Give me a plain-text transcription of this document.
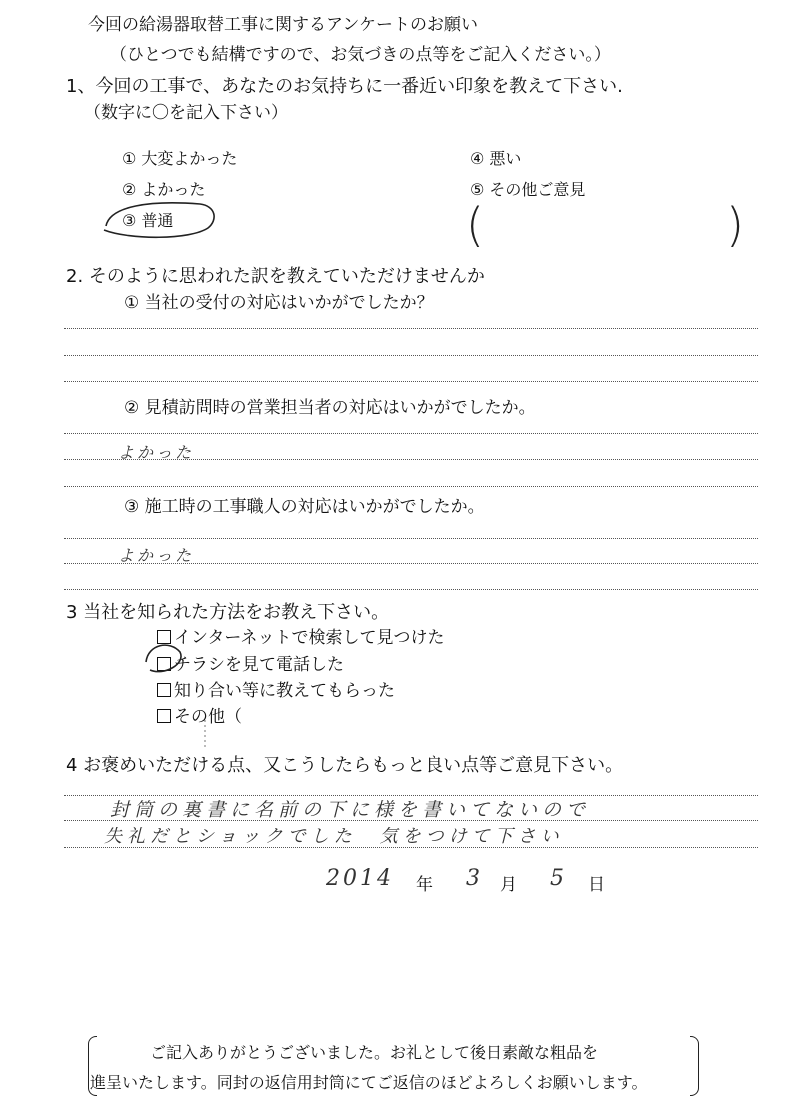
今回の給湯器取替工事に関するアンケートのお願い
（ひとつでも結構ですので、お気づきの点等をご記入ください。）
1、今回の工事で、あなたのお気持ちに一番近い印象を教えて下さい.
（数字に〇を記入下さい）
① 大変よかった
② よかった
③ 普通
④ 悪い
⑤ その他ご意見
(	)
2. そのように思われた訳を教えていただけませんか
① 当社の受付の対応はいかがでしたか？
② 見積訪問時の営業担当者の対応はいかがでしたか。
よかった
③ 施工時の工事職人の対応はいかがでしたか。
よかった
3 当社を知られた方法をお教え下さい。
インターネットで検索して見つけた
チラシを見て電話した
知り合い等に教えてもらった
その他（
4 お褒めいただける点、又こうしたらもっと良い点等ご意見下さい。
封筒の裏書に名前の下に様を書いてないので
失礼だとショックでした　気をつけて下さい
2014 年 3 月 5 日
ご記入ありがとうございました。お礼として後日素敵な粗品を
進呈いたします。同封の返信用封筒にてご返信のほどよろしくお願いします。
